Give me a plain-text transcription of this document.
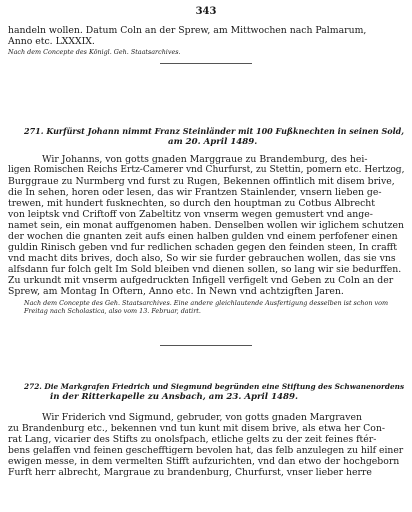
343
handeln wollen. Datum Coln an der Sprew, am Mittwochen nach Palmarum,
Anno etc. LXXXIX.
Nach dem Concepte des Königl. Geh. Staatsarchives.
271. Kurfürst Johann nimmt Franz Steinländer mit 100 Fußknechten in seinen Sold,
am 20. April 1489.
Wir Johanns, von gotts gnaden Marggraue zu Brandemburg, des hei-
ligen Romischen Reichs Ertz-Camerer vnd Churfurst, zu Stettin, pomern etc. Hertzog,
Burggraue zu Nurmberg vnd furst zu Rugen, Bekennen offintlich mit disem brive,
die In sehen, horen oder lesen, das wir Frantzen Stainlender, vnsern lieben ge-
trewen, mit hundert fusknechten, so durch den houptman zu Cotbus Albrecht
von leiptsk vnd Criftoff von Zabeltitz von vnserm wegen gemustert vnd ange-
namet sein, ein monat auffgenomen haben. Denselben wollen wir iglichem schutzen
der wochen die gnanten zeit aufs einen halben gulden vnd einem perfofener einen
guldin Rinisch geben vnd fur redlichen schaden gegen den feinden steen, In crafft
vnd macht dits brives, doch also, So wir sie furder gebrauchen wollen, das sie vns
alfsdann fur folch gelt Im Sold bleiben vnd dienen sollen, so lang wir sie bedurffen.
Zu urkundt mit vnserm aufgedruckten Infigell verfigelt vnd Geben zu Coln an der
Sprew, am Montag In Oftern, Anno etc. In Newn vnd achtzigften Jaren.
Nach dem Concepte des Geh. Staatsarchives. Eine andere gleichlautende Ausfertigung desselben ist schon vom Freitag nach Scholastica, also vom 13. Februar, datirt.
272. Die Markgrafen Friedrich und Siegmund begründen eine Stiftung des Schwanenordens
in der Ritterkapelle zu Ansbach, am 23. April 1489.
Wir Friderich vnd Sigmund, gebruder, von gotts gnaden Margraven
zu Brandenburg etc., bekennen vnd tun kunt mit disem brive, als etwa her Con-
rat Lang, vicarier des Stifts zu onolsfpach, etliche gelts zu der zeit feines ftér-
bens gelaffen vnd feinen geschefftigern bevolen hat, das felb anzulegen zu hilf einer
ewigen messe, in dem vermelten Stifft aufzurichten, vnd dan etwo der hochgeborn
Furft herr albrecht, Margraue zu brandenburg, Churfurst, vnser lieber herre
